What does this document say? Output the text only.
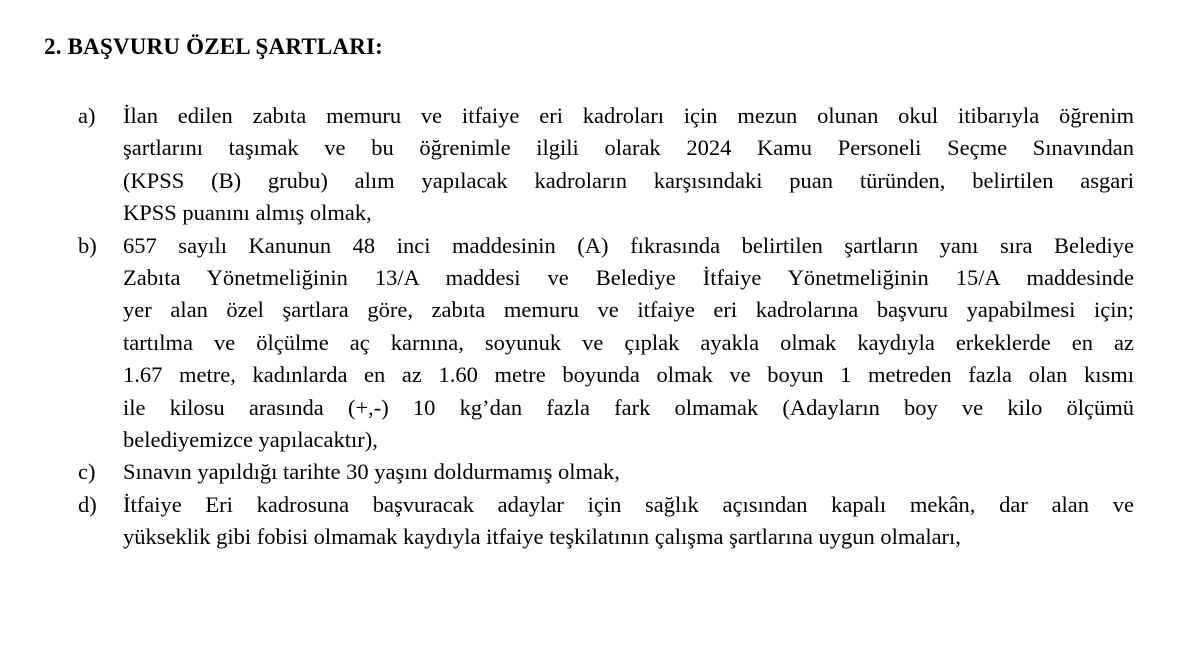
2. BAŞVURU ÖZEL ŞARTLARI:
a)	İlan edilen zabıta memuru ve itfaiye eri kadroları için mezun olunan okul itibarıyla öğrenim
şartlarını taşımak ve bu öğrenimle ilgili olarak 2024 Kamu Personeli Seçme Sınavından
(KPSS (B) grubu) alım yapılacak kadroların karşısındaki puan türünden, belirtilen asgari
KPSS puanını almış olmak,
b)	657 sayılı Kanunun 48 inci maddesinin (A) fıkrasında belirtilen şartların yanı sıra Belediye
Zabıta Yönetmeliğinin 13/A maddesi ve Belediye İtfaiye Yönetmeliğinin 15/A maddesinde
yer alan özel şartlara göre, zabıta memuru ve itfaiye eri kadrolarına başvuru yapabilmesi için;
tartılma ve ölçülme aç karnına, soyunuk ve çıplak ayakla olmak kaydıyla erkeklerde en az
1.67 metre, kadınlarda en az 1.60 metre boyunda olmak ve boyun 1 metreden fazla olan kısmı
ile kilosu arasında (+,-) 10 kg’dan fazla fark olmamak (Adayların boy ve kilo ölçümü
belediyemizce yapılacaktır),
c)	Sınavın yapıldığı tarihte 30 yaşını doldurmamış olmak,
d)	İtfaiye Eri kadrosuna başvuracak adaylar için sağlık açısından kapalı mekân, dar alan ve
yükseklik gibi fobisi olmamak kaydıyla itfaiye teşkilatının çalışma şartlarına uygun olmaları,
